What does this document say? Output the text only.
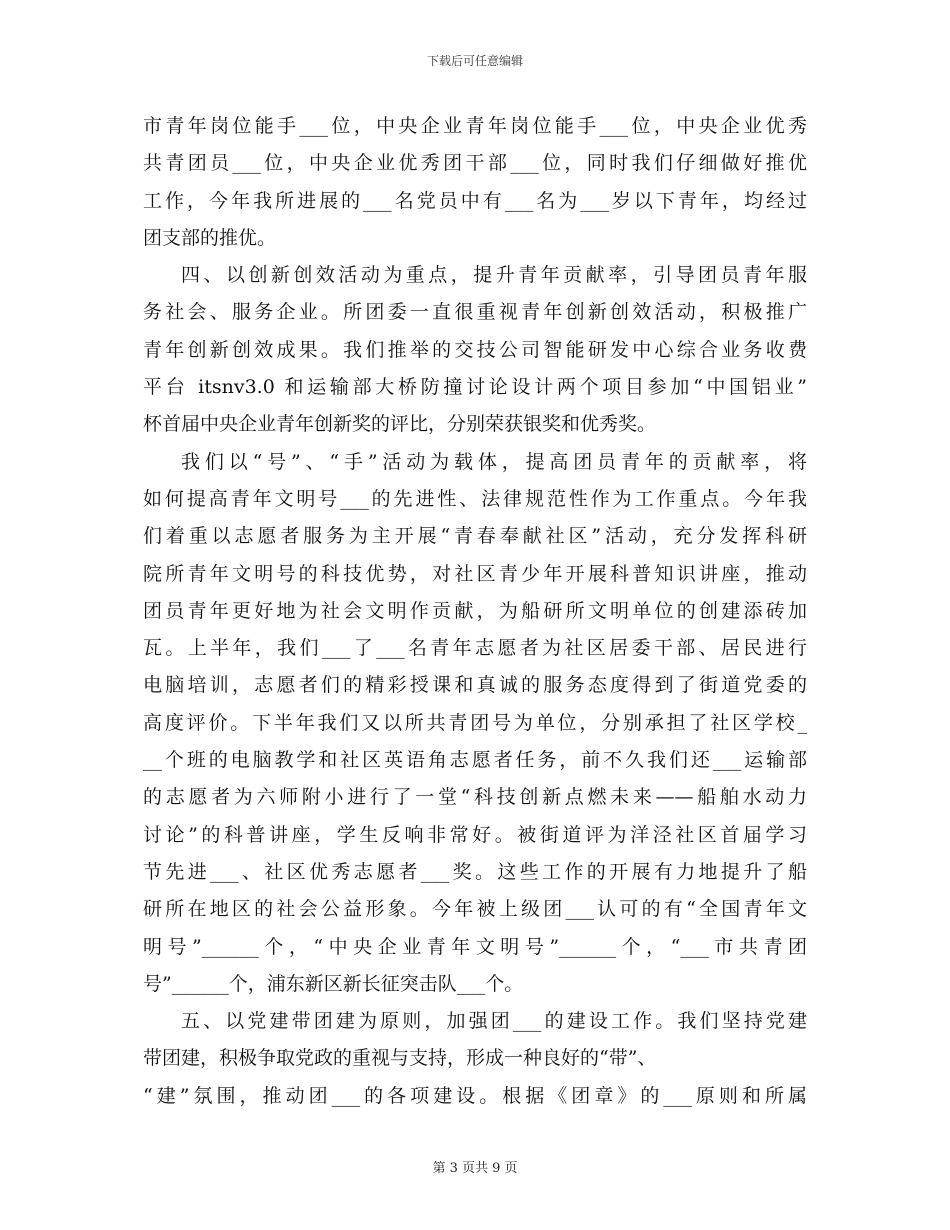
下载后可任意编辑

市青年岗位能手___位，中央企业青年岗位能手___位，中央企业优秀
共青团员___位，中央企业优秀团干部___位，同时我们仔细做好推优
工作，今年我所进展的___名党员中有___名为___岁以下青年，均经过
团支部的推优。

四、以创新创效活动为重点，提升青年贡献率，引导团员青年服
务社会、服务企业。所团委一直很重视青年创新创效活动，积极推广
青年创新创效成果。我们推举的交技公司智能研发中心综合业务收费
平台 itsnv3.0 和运输部大桥防撞讨论设计两个项目参加“中国铝业”
杯首届中央企业青年创新奖的评比，分别荣获银奖和优秀奖。

我们以“号”、“手”活动为载体，提高团员青年的贡献率，将
如何提高青年文明号___的先进性、法律规范性作为工作重点。今年我
们着重以志愿者服务为主开展“青春奉献社区”活动，充分发挥科研
院所青年文明号的科技优势，对社区青少年开展科普知识讲座，推动
团员青年更好地为社会文明作贡献，为船研所文明单位的创建添砖加
瓦。上半年，我们___了___名青年志愿者为社区居委干部、居民进行
电脑培训，志愿者们的精彩授课和真诚的服务态度得到了街道党委的
高度评价。下半年我们又以所共青团号为单位，分别承担了社区学校_
__个班的电脑教学和社区英语角志愿者任务，前不久我们还___运输部
的志愿者为六师附小进行了一堂“科技创新点燃未来——船舶水动力
讨论”的科普讲座，学生反响非常好。被街道评为洋泾社区首届学习
节先进___、社区优秀志愿者___奖。这些工作的开展有力地提升了船
研所在地区的社会公益形象。今年被上级团___认可的有“全国青年文
明号”______个，“中央企业青年文明号”______个，“___市共青团
号”______个，浦东新区新长征突击队___个。

五、以党建带团建为原则，加强团___的建设工作。我们坚持党建
带团建，积极争取党政的重视与支持，形成一种良好的“带”、
“建”氛围，推动团___的各项建设。根据《团章》的___原则和所属

第 3 页共 9 页
